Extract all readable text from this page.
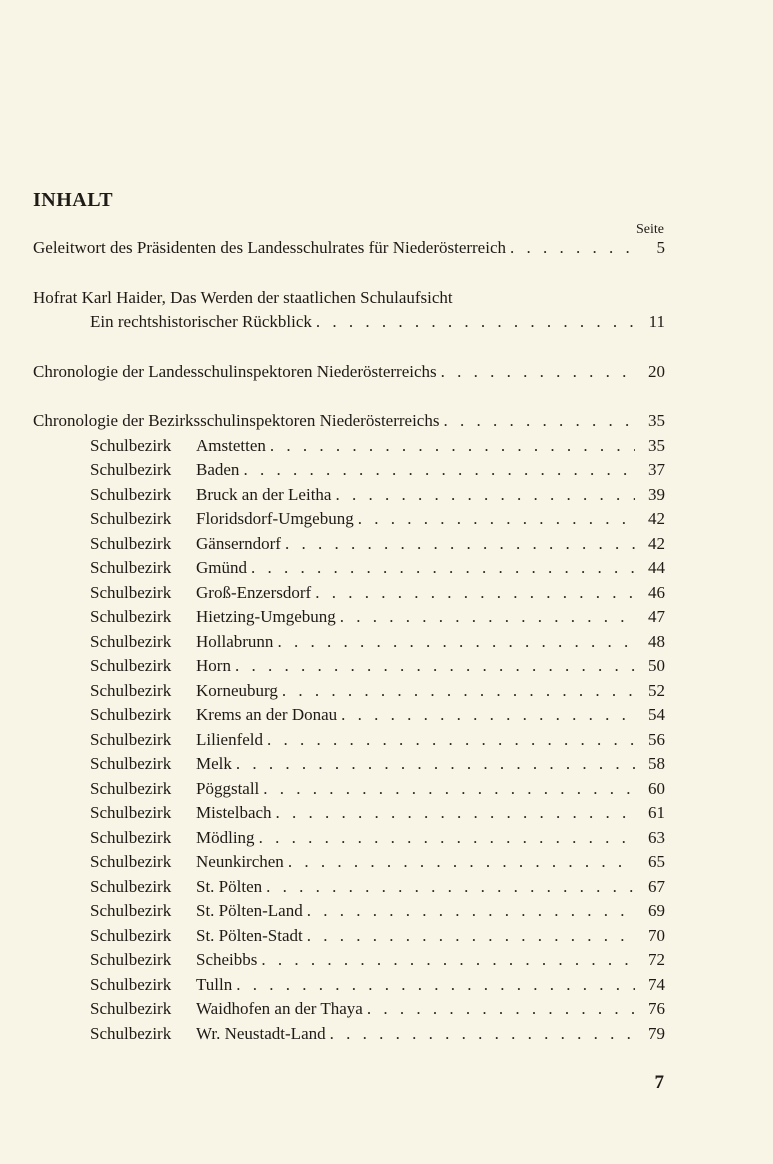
INHALT
Seite
Geleitwort des Präsidenten des Landesschulrates für Niederösterreich . . .	5
Hofrat Karl Haider, Das Werden der staatlichen Schulaufsicht
Ein rechtshistorischer Rückblick . . .	11
Chronologie der Landesschulinspektoren Niederösterreichs . . .	20
Chronologie der Bezirksschulinspektoren Niederösterreichs . . .	35
Schulbezirk Amstetten . . .	35
Schulbezirk Baden . . .	37
Schulbezirk Bruck an der Leitha . . .	39
Schulbezirk Floridsdorf-Umgebung . . .	42
Schulbezirk Gänserndorf . . .	42
Schulbezirk Gmünd . . .	44
Schulbezirk Groß-Enzersdorf . . .	46
Schulbezirk Hietzing-Umgebung . . .	47
Schulbezirk Hollabrunn . . .	48
Schulbezirk Horn . . .	50
Schulbezirk Korneuburg . . .	52
Schulbezirk Krems an der Donau . . .	54
Schulbezirk Lilienfeld . . .	56
Schulbezirk Melk . . .	58
Schulbezirk Pöggstall . . .	60
Schulbezirk Mistelbach . . .	61
Schulbezirk Mödling . . .	63
Schulbezirk Neunkirchen . . .	65
Schulbezirk St. Pölten . . .	67
Schulbezirk St. Pölten-Land . . .	69
Schulbezirk St. Pölten-Stadt . . .	70
Schulbezirk Scheibbs . . .	72
Schulbezirk Tulln . . .	74
Schulbezirk Waidhofen an der Thaya . . .	76
Schulbezirk Wr. Neustadt-Land . . .	79
7
